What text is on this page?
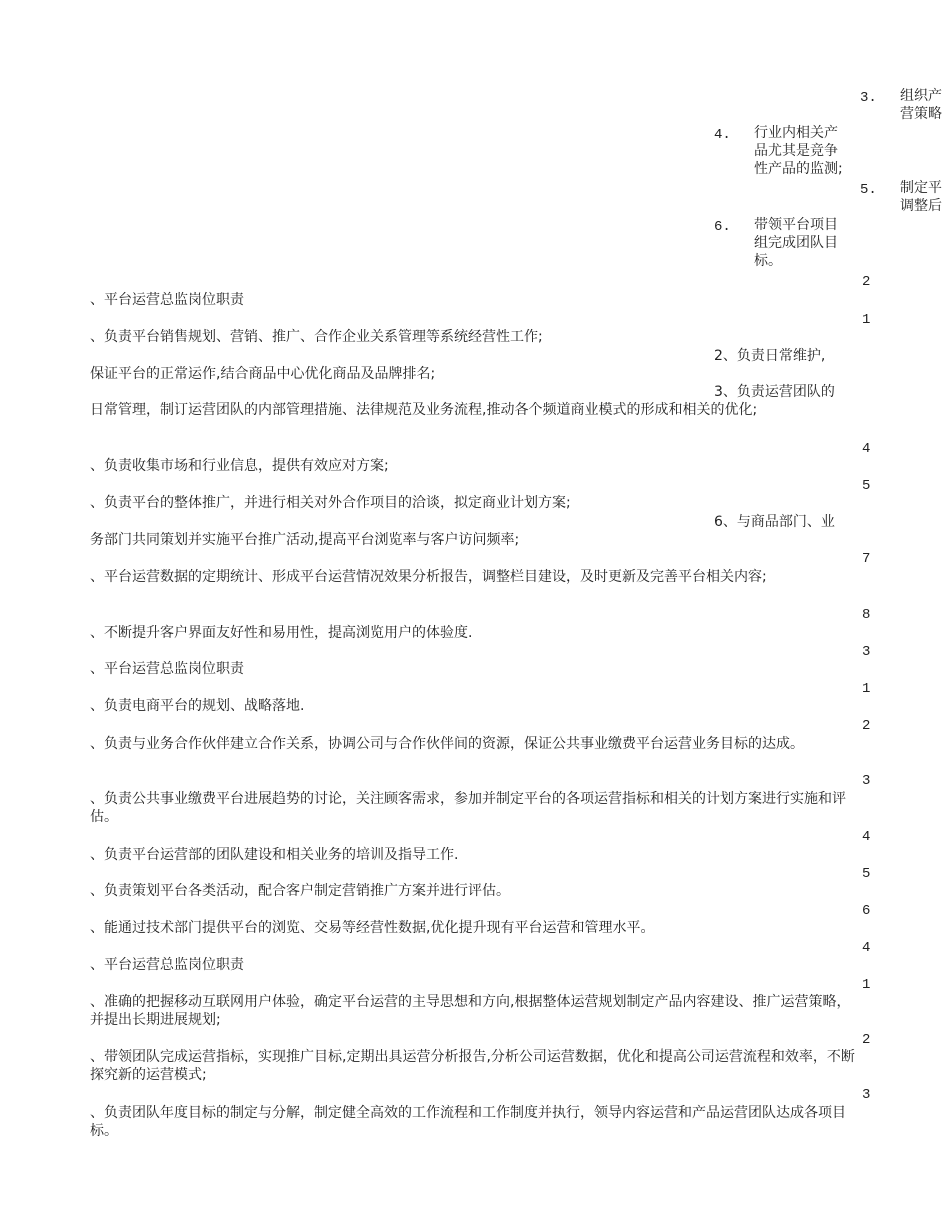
3. 组织产
营策略
4. 行业内相关产
品尤其是竞争
性产品的监测;
5. 制定平
调整后
6. 带领平台项目
组完成团队目
标。
2
1
4
5
7
8
3
1
2
3
4
5
6
4
1
2
3
、平台运营总监岗位职责
、负责平台销售规划、营销、推广、合作企业关系管理等系统经营性工作;
2、负责日常维护,
保证平台的正常运作,结合商品中心优化商品及品牌排名;
3、负责运营团队的
日常管理，制订运营团队的内部管理措施、法律规范及业务流程,推动各个频道商业模式的形成和相关的优化;
、负责收集市场和行业信息，提供有效应对方案;
、负责平台的整体推广，并进行相关对外合作项目的洽谈，拟定商业计划方案;
6、与商品部门、业
务部门共同策划并实施平台推广活动,提高平台浏览率与客户访问频率;
、平台运营数据的定期统计、形成平台运营情况效果分析报告，调整栏目建设，及时更新及完善平台相关内容;
、不断提升客户界面友好性和易用性，提高浏览用户的体验度.
、平台运营总监岗位职责
、负责电商平台的规划、战略落地.
、负责与业务合作伙伴建立合作关系，协调公司与合作伙伴间的资源，保证公共事业缴费平台运营业务目标的达成。
、负责公共事业缴费平台进展趋势的讨论，关注顾客需求，参加并制定平台的各项运营指标和相关的计划方案进行实施和评估。
、负责平台运营部的团队建设和相关业务的培训及指导工作.
、负责策划平台各类活动，配合客户制定营销推广方案并进行评估。
、能通过技术部门提供平台的浏览、交易等经营性数据,优化提升现有平台运营和管理水平。
、平台运营总监岗位职责
、准确的把握移动互联网用户体验，确定平台运营的主导思想和方向,根据整体运营规划制定产品内容建设、推广运营策略，并提出长期进展规划;
、带领团队完成运营指标，实现推广目标,定期出具运营分析报告,分析公司运营数据，优化和提高公司运营流程和效率，不断探究新的运营模式;
、负责团队年度目标的制定与分解，制定健全高效的工作流程和工作制度并执行，领导内容运营和产品运营团队达成各项目标。
